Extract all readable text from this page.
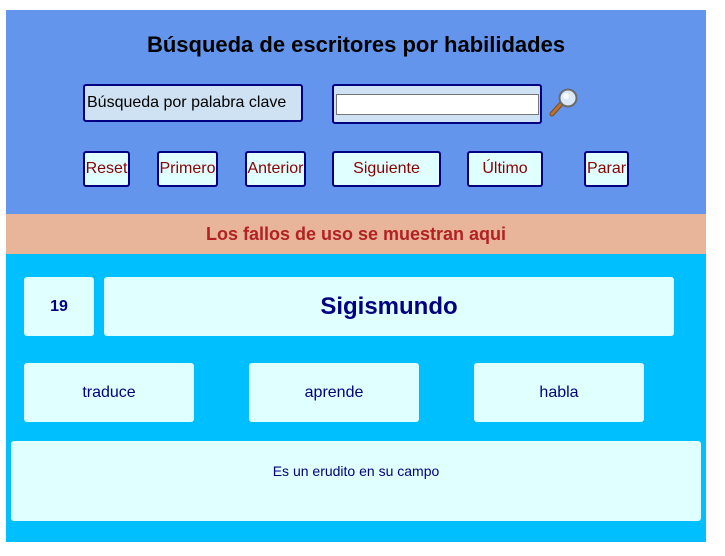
Búsqueda de escritores por habilidades
Búsqueda por palabra clave
Reset Primero Anterior	Siguiente	Último	Parar
Los fallos de uso se muestran aqui
19	Sigismundo
traduce	aprende	habla
Es un erudito en su campo
